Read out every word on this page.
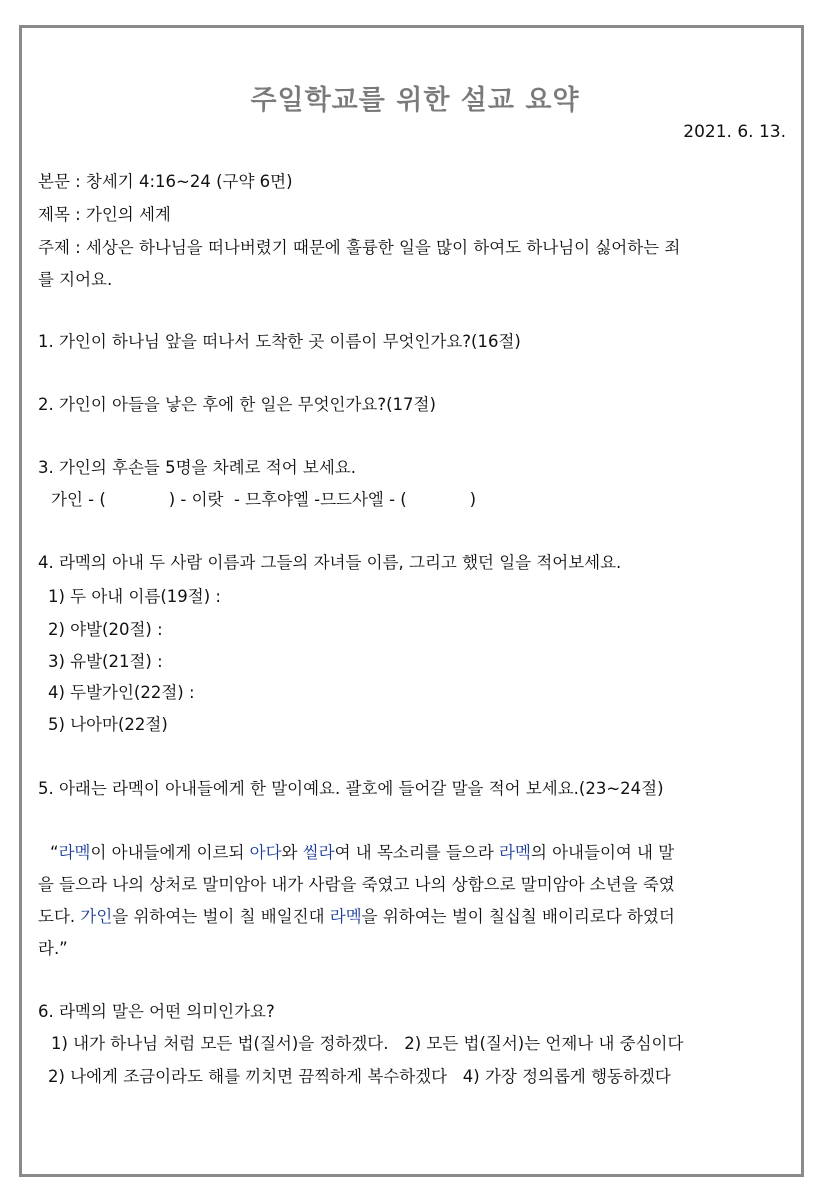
주일학교를 위한 설교 요약
2021. 6. 13.
본문 : 창세기 4:16~24 (구약 6면)
제목 : 가인의 세계
주제 : 세상은 하나님을 떠나버렸기 때문에 훌륭한 일을 많이 하여도 하나님이 싫어하는 죄
를 지어요.
1. 가인이 하나님 앞을 떠나서 도착한 곳 이름이 무엇인가요?(16절)
2. 가인이 아들을 낳은 후에 한 일은 무엇인가요?(17절)
3. 가인의 후손들 5명을 차례로 적어 보세요.
가인 - (            ) - 이랏  - 므후야엘 -므드사엘 - (            )
4. 라멕의 아내 두 사람 이름과 그들의 자녀들 이름, 그리고 했던 일을 적어보세요.
1) 두 아내 이름(19절) :
2) 야발(20절) :
3) 유발(21절) :
4) 두발가인(22절) :
5) 나아마(22절)
5. 아래는 라멕이 아내들에게 한 말이예요. 괄호에 들어갈 말을 적어 보세요.(23~24절)
“라멕이 아내들에게 이르되 아다와 씰라여 내 목소리를 들으라 라멕의 아내들이여 내 말
을 들으라 나의 상처로 말미암아 내가 사람을 죽였고 나의 상함으로 말미암아 소년을 죽였
도다. 가인을 위하여는 벌이 칠 배일진대 라멕을 위하여는 벌이 칠십칠 배이리로다 하였더
라.”
6. 라멕의 말은 어떤 의미인가요?
1) 내가 하나님 처럼 모든 법(질서)을 정하겠다.   2) 모든 법(질서)는 언제나 내 중심이다
2) 나에게 조금이라도 해를 끼치면 끔찍하게 복수하겠다   4) 가장 정의롭게 행동하겠다
